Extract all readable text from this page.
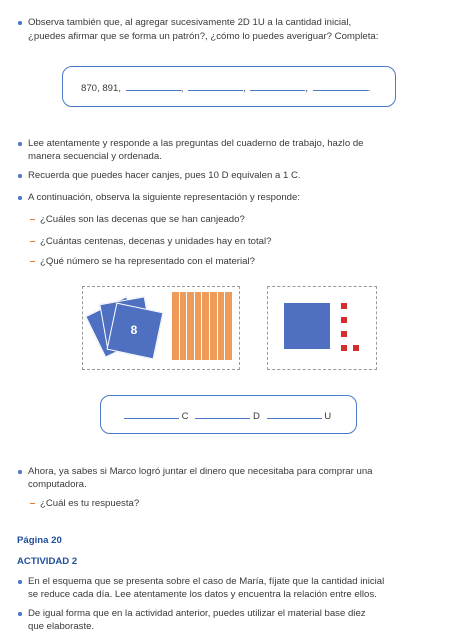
Observa también que, al agregar sucesivamente 2D 1U a la cantidad inicial,

¿puedes afirmar que se forma un patrón?, ¿cómo lo puedes averiguar? Completa:

870, 891,	,	,	,	.

Lee atentamente y responde a las preguntas del cuaderno de trabajo, hazlo de

manera secuencial y ordenada.

Recuerda que puedes hacer canjes, pues 10 D equivalen a 1 C.

A continuación, observa la siguiente representación y responde:

¿Cuáles son las decenas que se han canjeado?

¿Cuántas centenas, decenas y unidades hay en total?

¿Qué número se ha representado con el material?

8
C	D	U

Ahora, ya sabes si Marco logró juntar el dinero que necesitaba para comprar una

computadora.

¿Cuál es tu respuesta?

Página 20

ACTIVIDAD 2

En el esquema que se presenta sobre el caso de María, fíjate que la cantidad inicial

se reduce cada día. Lee atentamente los datos y encuentra la relación entre ellos.

De igual forma que en la actividad anterior, puedes utilizar el material base diez

que elaboraste.
